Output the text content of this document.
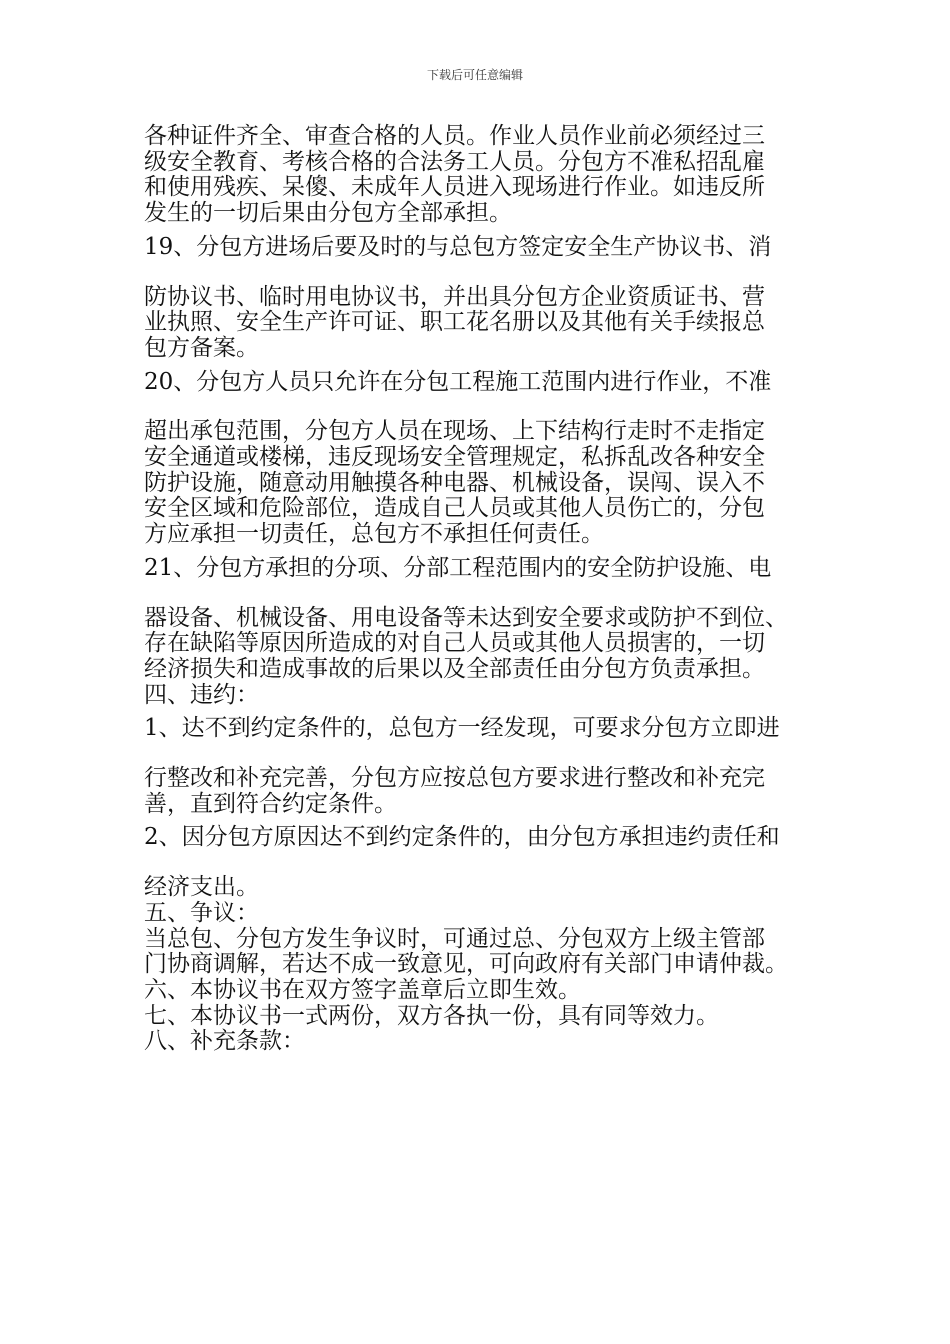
下载后可任意编辑
各种证件齐全、审查合格的人员。作业人员作业前必须经过三
级安全教育、考核合格的合法务工人员。分包方不准私招乱雇
和使用残疾、呆傻、未成年人员进入现场进行作业。如违反所
发生的一切后果由分包方全部承担。
19、分包方进场后要及时的与总包方签定安全生产协议书、消
防协议书、临时用电协议书，并出具分包方企业资质证书、营
业执照、安全生产许可证、职工花名册以及其他有关手续报总
包方备案。
20、分包方人员只允许在分包工程施工范围内进行作业，不准
超出承包范围，分包方人员在现场、上下结构行走时不走指定
安全通道或楼梯，违反现场安全管理规定，私拆乱改各种安全
防护设施，随意动用触摸各种电器、机械设备，误闯、误入不
安全区域和危险部位，造成自己人员或其他人员伤亡的，分包
方应承担一切责任，总包方不承担任何责任。
21、分包方承担的分项、分部工程范围内的安全防护设施、电
器设备、机械设备、用电设备等未达到安全要求或防护不到位、
存在缺陷等原因所造成的对自己人员或其他人员损害的，一切
经济损失和造成事故的后果以及全部责任由分包方负责承担。
四、违约：
1、达不到约定条件的，总包方一经发现，可要求分包方立即进
行整改和补充完善，分包方应按总包方要求进行整改和补充完
善，直到符合约定条件。
2、因分包方原因达不到约定条件的，由分包方承担违约责任和
经济支出。
五、争议：
当总包、分包方发生争议时，可通过总、分包双方上级主管部
门协商调解，若达不成一致意见，可向政府有关部门申请仲裁。
六、本协议书在双方签字盖章后立即生效。
七、本协议书一式两份，双方各执一份，具有同等效力。
八、补充条款：
